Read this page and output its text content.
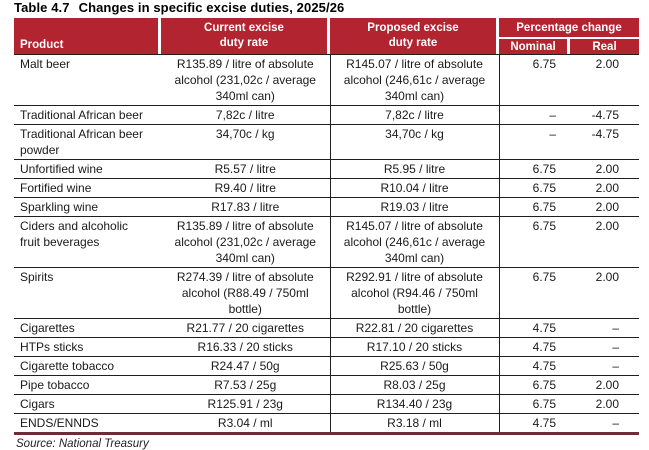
Table 4.7 Changes in specific excise duties, 2025/26
Product
Current excise
duty rate
Proposed excise
duty rate
Percentage change
Nominal	Real
Malt beer	R135.89 / litre of absolute alcohol (231,02c / average 340ml can)	R145.07 / litre of absolute alcohol (246,61c / average 340ml can)	6.75	2.00
Traditional African beer	7,82c / litre	7,82c / litre	–	-4.75
Traditional African beer powder	34,70c / kg	34,70c / kg	–	-4.75
Unfortified wine	R5.57 / litre	R5.95 / litre	6.75	2.00
Fortified wine	R9.40 / litre	R10.04 / litre	6.75	2.00
Sparkling wine	R17.83 / litre	R19.03 / litre	6.75	2.00
Ciders and alcoholic fruit beverages	R135.89 / litre of absolute alcohol (231,02c / average 340ml can)	R145.07 / litre of absolute alcohol (246,61c / average 340ml can)	6.75	2.00
Spirits	R274.39 / litre of absolute alcohol (R88.49 / 750ml bottle)	R292.91 / litre of absolute alcohol (R94.46 / 750ml bottle)	6.75	2.00
Cigarettes	R21.77 / 20 cigarettes	R22.81 / 20 cigarettes	4.75	–
HTPs sticks	R16.33 / 20 sticks	R17.10 / 20 sticks	4.75	–
Cigarette tobacco	R24.47 / 50g	R25.63 / 50g	4.75	–
Pipe tobacco	R7.53 / 25g	R8.03 / 25g	6.75	2.00
Cigars	R125.91 / 23g	R134.40 / 23g	6.75	2.00
ENDS/ENNDS	R3.04 / ml	R3.18 / ml	4.75	–
Source: National Treasury
